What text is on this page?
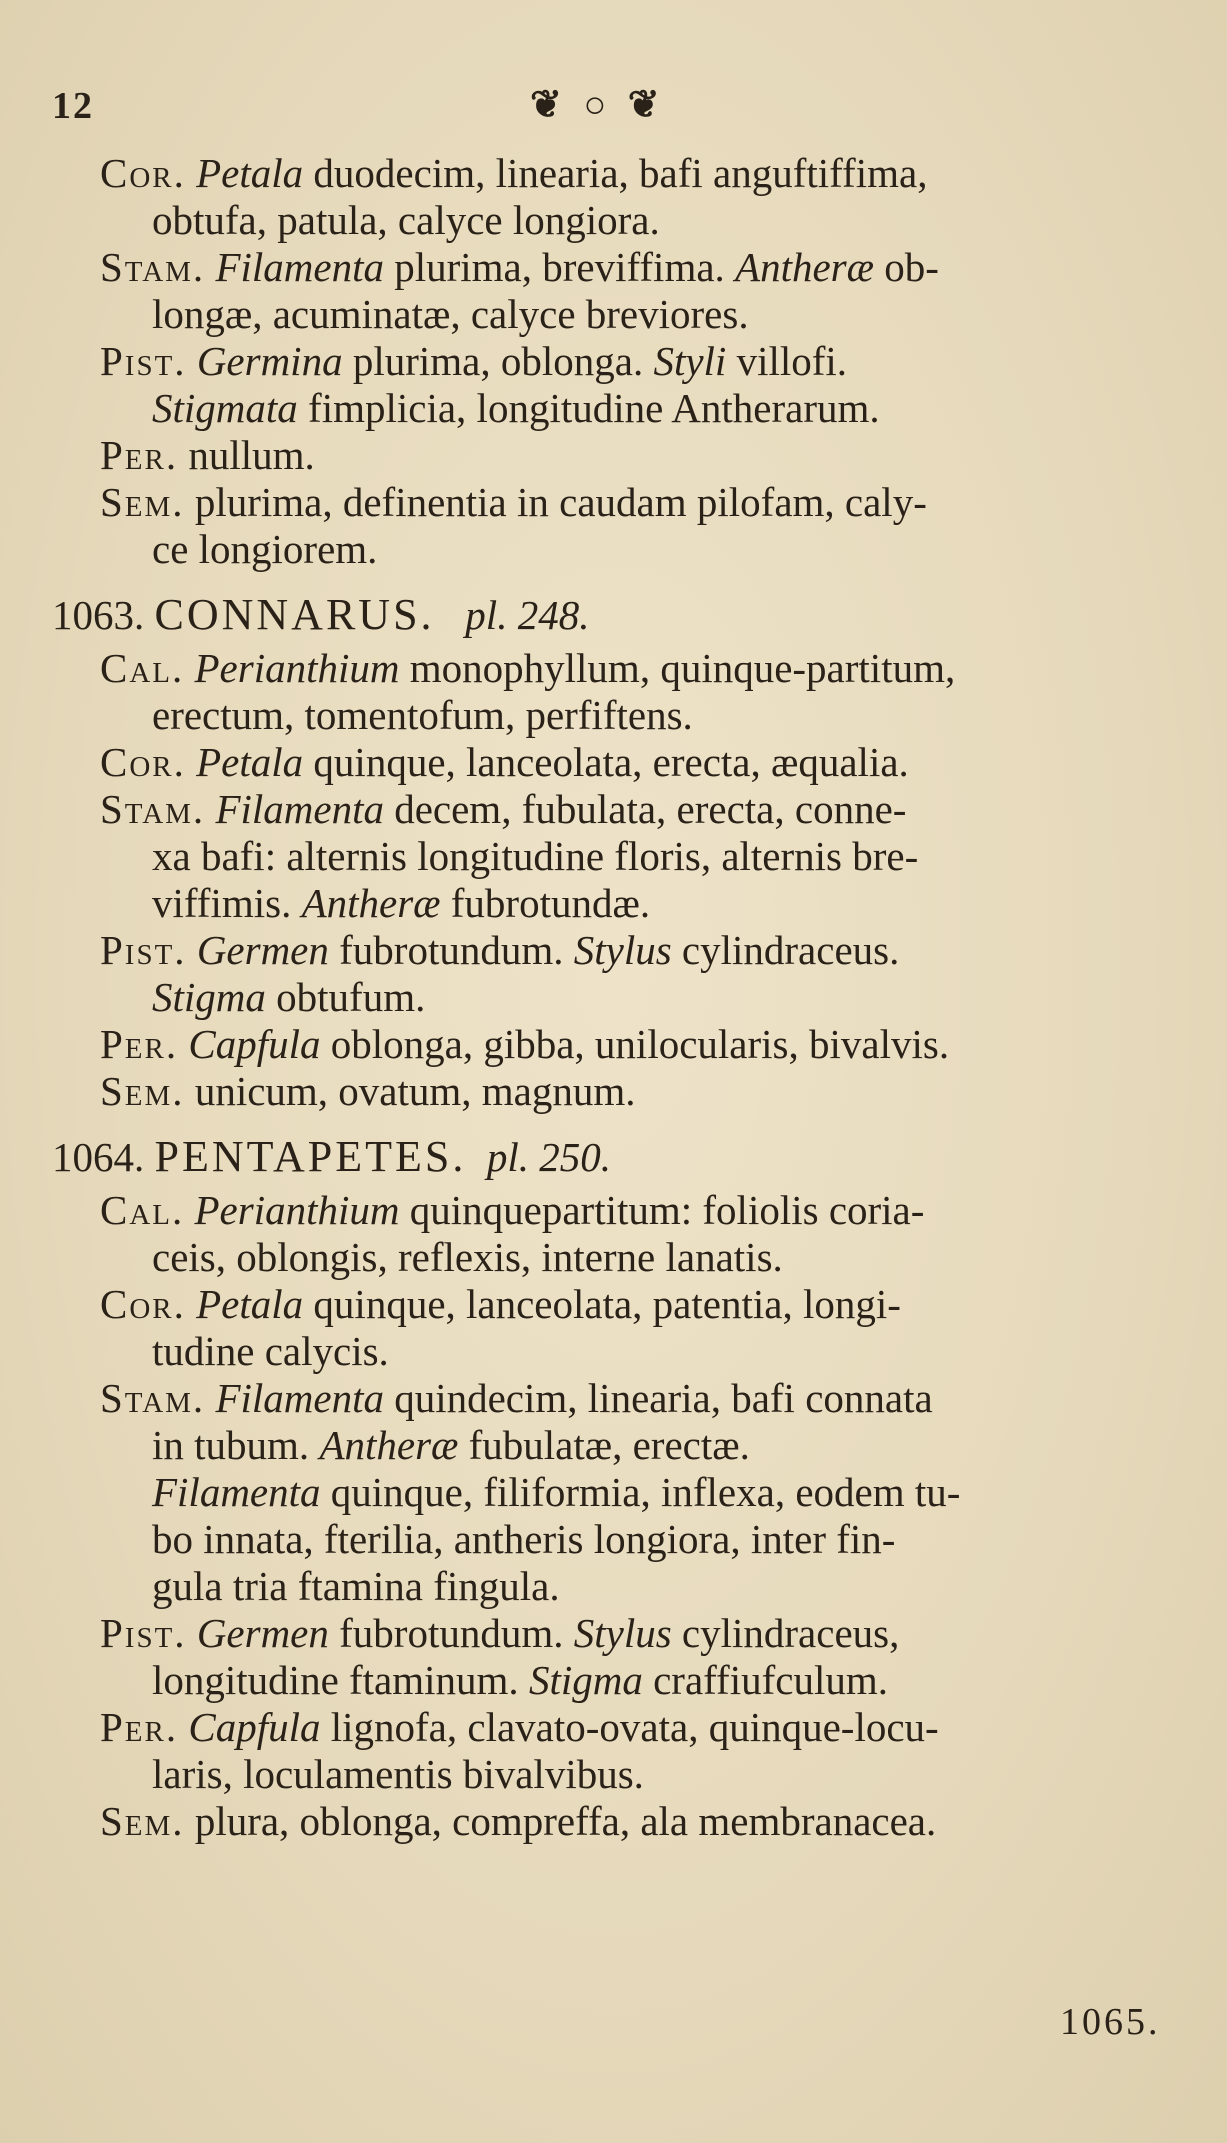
12	❦ ○ ❦
Cor. Petala duodecim, linearia, bafi anguftiffima,
obtufa, patula, calyce longiora.
Stam. Filamenta plurima, breviffima. Antheræ ob-
longæ, acuminatæ, calyce breviores.
Pist. Germina plurima, oblonga. Styli villofi.
Stigmata fimplicia, longitudine Antherarum.
Per. nullum.
Sem. plurima, definentia in caudam pilofam, caly-
ce longiorem.
1063. CONNARUS. pl. 248.
Cal. Perianthium monophyllum, quinque-partitum,
erectum, tomentofum, perfiftens.
Cor. Petala quinque, lanceolata, erecta, æqualia.
Stam. Filamenta decem, fubulata, erecta, conne-
xa bafi: alternis longitudine floris, alternis bre-
viffimis. Antheræ fubrotundæ.
Pist. Germen fubrotundum. Stylus cylindraceus.
Stigma obtufum.
Per. Capfula oblonga, gibba, unilocularis, bivalvis.
Sem. unicum, ovatum, magnum.
1064. PENTAPETES. pl. 250.
Cal. Perianthium quinquepartitum: foliolis coria-
ceis, oblongis, reflexis, interne lanatis.
Cor. Petala quinque, lanceolata, patentia, longi-
tudine calycis.
Stam. Filamenta quindecim, linearia, bafi connata
in tubum. Antheræ fubulatæ, erectæ.
Filamenta quinque, filiformia, inflexa, eodem tu-
bo innata, fterilia, antheris longiora, inter fin-
gula tria ftamina fingula.
Pist. Germen fubrotundum. Stylus cylindraceus,
longitudine ftaminum. Stigma craffiufculum.
Per. Capfula lignofa, clavato-ovata, quinque-locu-
laris, loculamentis bivalvibus.
Sem. plura, oblonga, compreffa, ala membranacea.
1065.
